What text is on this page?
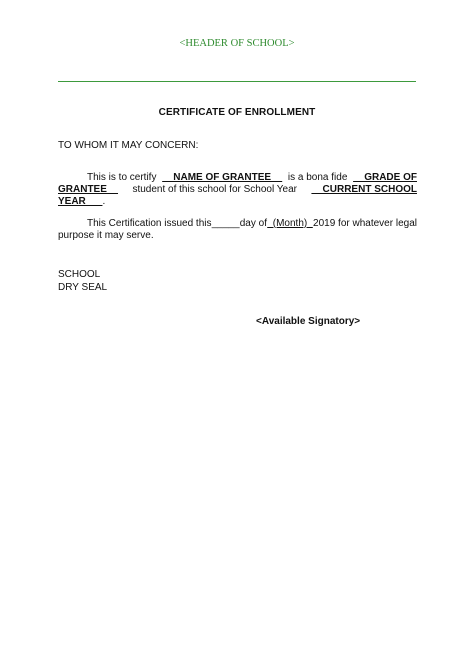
<HEADER OF SCHOOL>
CERTIFICATE OF ENROLLMENT
TO WHOM IT MAY CONCERN:
This is to certify NAME OF GRANTEE is a bona fide GRADE OF
GRANTEE student of this school for School Year CURRENT SCHOOL
YEAR .
This Certification issued this _____ day of (Month) 2019 for whatever legal
purpose it may serve.
SCHOOL
DRY SEAL
<Available Signatory>
